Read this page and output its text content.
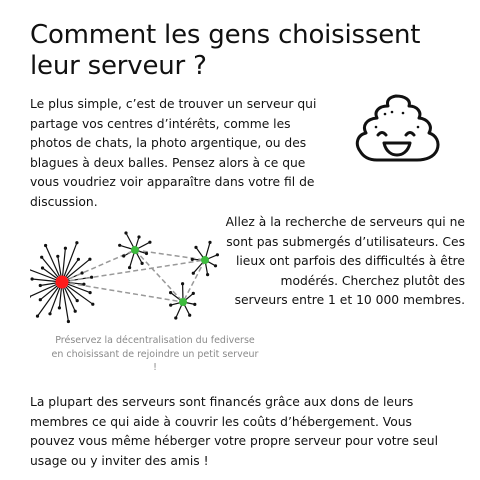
Comment les gens choisissent leur serveur ?

Le plus simple, c’est de trouver un serveur qui partage vos centres d’intérêts, comme les photos de chats, la photo argentique, ou des blagues à deux balles. Pensez alors à ce que vous voudriez voir apparaître dans votre fil de discussion.

Allez à la recherche de serveurs qui ne sont pas submergés d’utilisateurs. Ces lieux ont parfois des difficultés à être modérés. Cherchez plutôt des serveurs entre 1 et 10 000 membres.

Préservez la décentralisation du fediverse en choisissant de rejoindre un petit serveur !

La plupart des serveurs sont financés grâce aux dons de leurs membres ce qui aide à couvrir les coûts d’hébergement. Vous pouvez vous même héberger votre propre serveur pour votre seul usage ou y inviter des amis !
